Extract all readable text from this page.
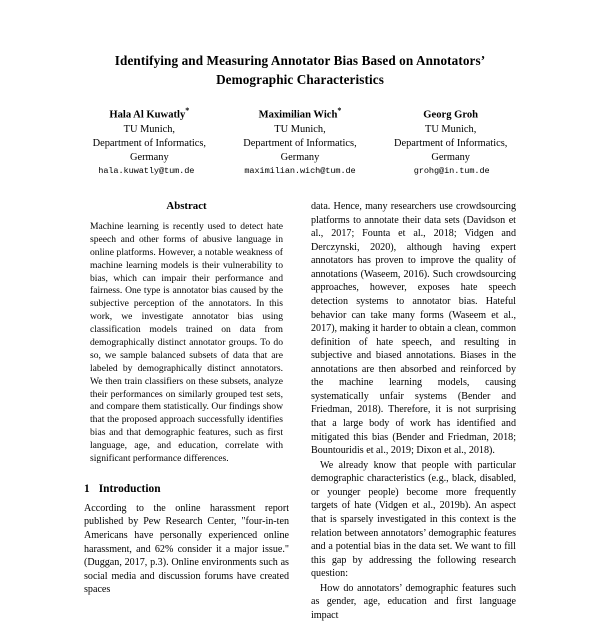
Identifying and Measuring Annotator Bias Based on Annotators’ Demographic Characteristics
Hala Al Kuwatly*
TU Munich,
Department of Informatics,
Germany
hala.kuwatly@tum.de
Maximilian Wich*
TU Munich,
Department of Informatics,
Germany
maximilian.wich@tum.de
Georg Groh
TU Munich,
Department of Informatics,
Germany
grohg@in.tum.de
Abstract

Machine learning is recently used to detect hate speech and other forms of abusive language in online platforms. However, a notable weakness of machine learning models is their vulnerability to bias, which can impair their performance and fairness. One type is annotator bias caused by the subjective perception of the annotators. In this work, we investigate annotator bias using classification models trained on data from demographically distinct annotator groups. To do so, we sample balanced subsets of data that are labeled by demographically distinct annotators. We then train classifiers on these subsets, analyze their performances on similarly grouped test sets, and compare them statistically. Our findings show that the proposed approach successfully identifies bias and that demographic features, such as first language, age, and education, correlate with significant performance differences.

1 Introduction

According to the online harassment report published by Pew Research Center, "four-in-ten Americans have personally experienced online harassment, and 62% consider it a major issue." (Duggan, 2017, p.3). Online environments such as social media and discussion forums have created spaces

data. Hence, many researchers use crowdsourcing platforms to annotate their data sets (Davidson et al., 2017; Founta et al., 2018; Vidgen and Derczynski, 2020), although having expert annotators has proven to improve the quality of annotations (Waseem, 2016). Such crowdsourcing approaches, however, exposes hate speech detection systems to annotator bias. Hateful behavior can take many forms (Waseem et al., 2017), making it harder to obtain a clean, common definition of hate speech, and resulting in subjective and biased annotations. Biases in the annotations are then absorbed and reinforced by the machine learning models, causing systematically unfair systems (Bender and Friedman, 2018). Therefore, it is not surprising that a large body of work has identified and mitigated this bias (Bender and Friedman, 2018; Bountouridis et al., 2019; Dixon et al., 2018).

We already know that people with particular demographic characteristics (e.g., black, disabled, or younger people) become more frequently targets of hate (Vidgen et al., 2019b). An aspect that is sparsely investigated in this context is the relation between annotators’ demographic features and a potential bias in the data set. We want to fill this gap by addressing the following research question:

How do annotators’ demographic features such as gender, age, education and first language impact
